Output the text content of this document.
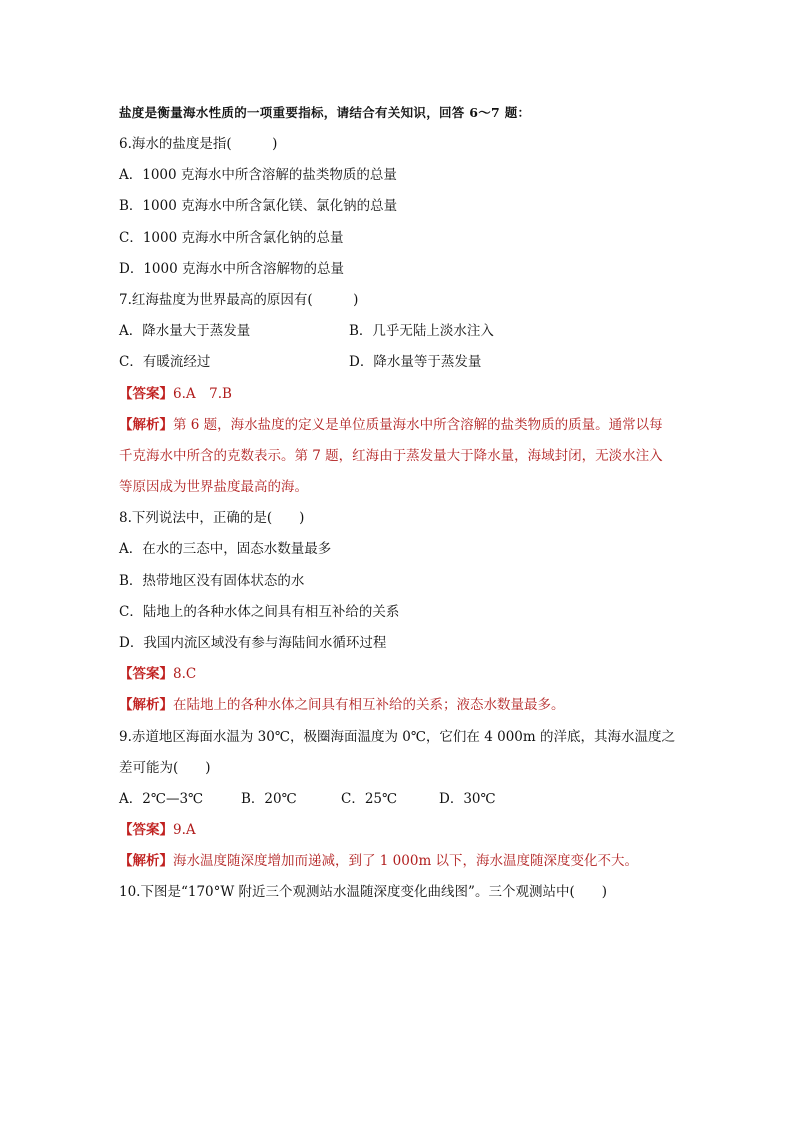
盐度是衡量海水性质的一项重要指标，请结合有关知识，回答 6～7 题：
6.海水的盐度是指(　　　)
A．1000 克海水中所含溶解的盐类物质的总量
B．1000 克海水中所含氯化镁、氯化钠的总量
C．1000 克海水中所含氯化钠的总量
D．1000 克海水中所含溶解物的总量
7.红海盐度为世界最高的原因有(　　　)
A．降水量大于蒸发量	B．几乎无陆上淡水注入
C．有暖流经过	D．降水量等于蒸发量
【答案】6.A　7.B
【解析】第 6 题，海水盐度的定义是单位质量海水中所含溶解的盐类物质的质量。通常以每
千克海水中所含的克数表示。第 7 题，红海由于蒸发量大于降水量，海域封闭，无淡水注入
等原因成为世界盐度最高的海。
8.下列说法中，正确的是(　　)
A．在水的三态中，固态水数量最多
B．热带地区没有固体状态的水
C．陆地上的各种水体之间具有相互补给的关系
D．我国内流区域没有参与海陆间水循环过程
【答案】8.C
【解析】在陆地上的各种水体之间具有相互补给的关系；液态水数量最多。
9.赤道地区海面水温为 30℃，极圈海面温度为 0℃，它们在 4 000m 的洋底，其海水温度之
差可能为(　　)
A．2℃—3℃	B．20℃	C．25℃	D．30℃
【答案】9.A
【解析】海水温度随深度增加而递减，到了 1 000m 以下，海水温度随深度变化不大。
10.下图是“170°W 附近三个观测站水温随深度变化曲线图”。三个观测站中(　　)
